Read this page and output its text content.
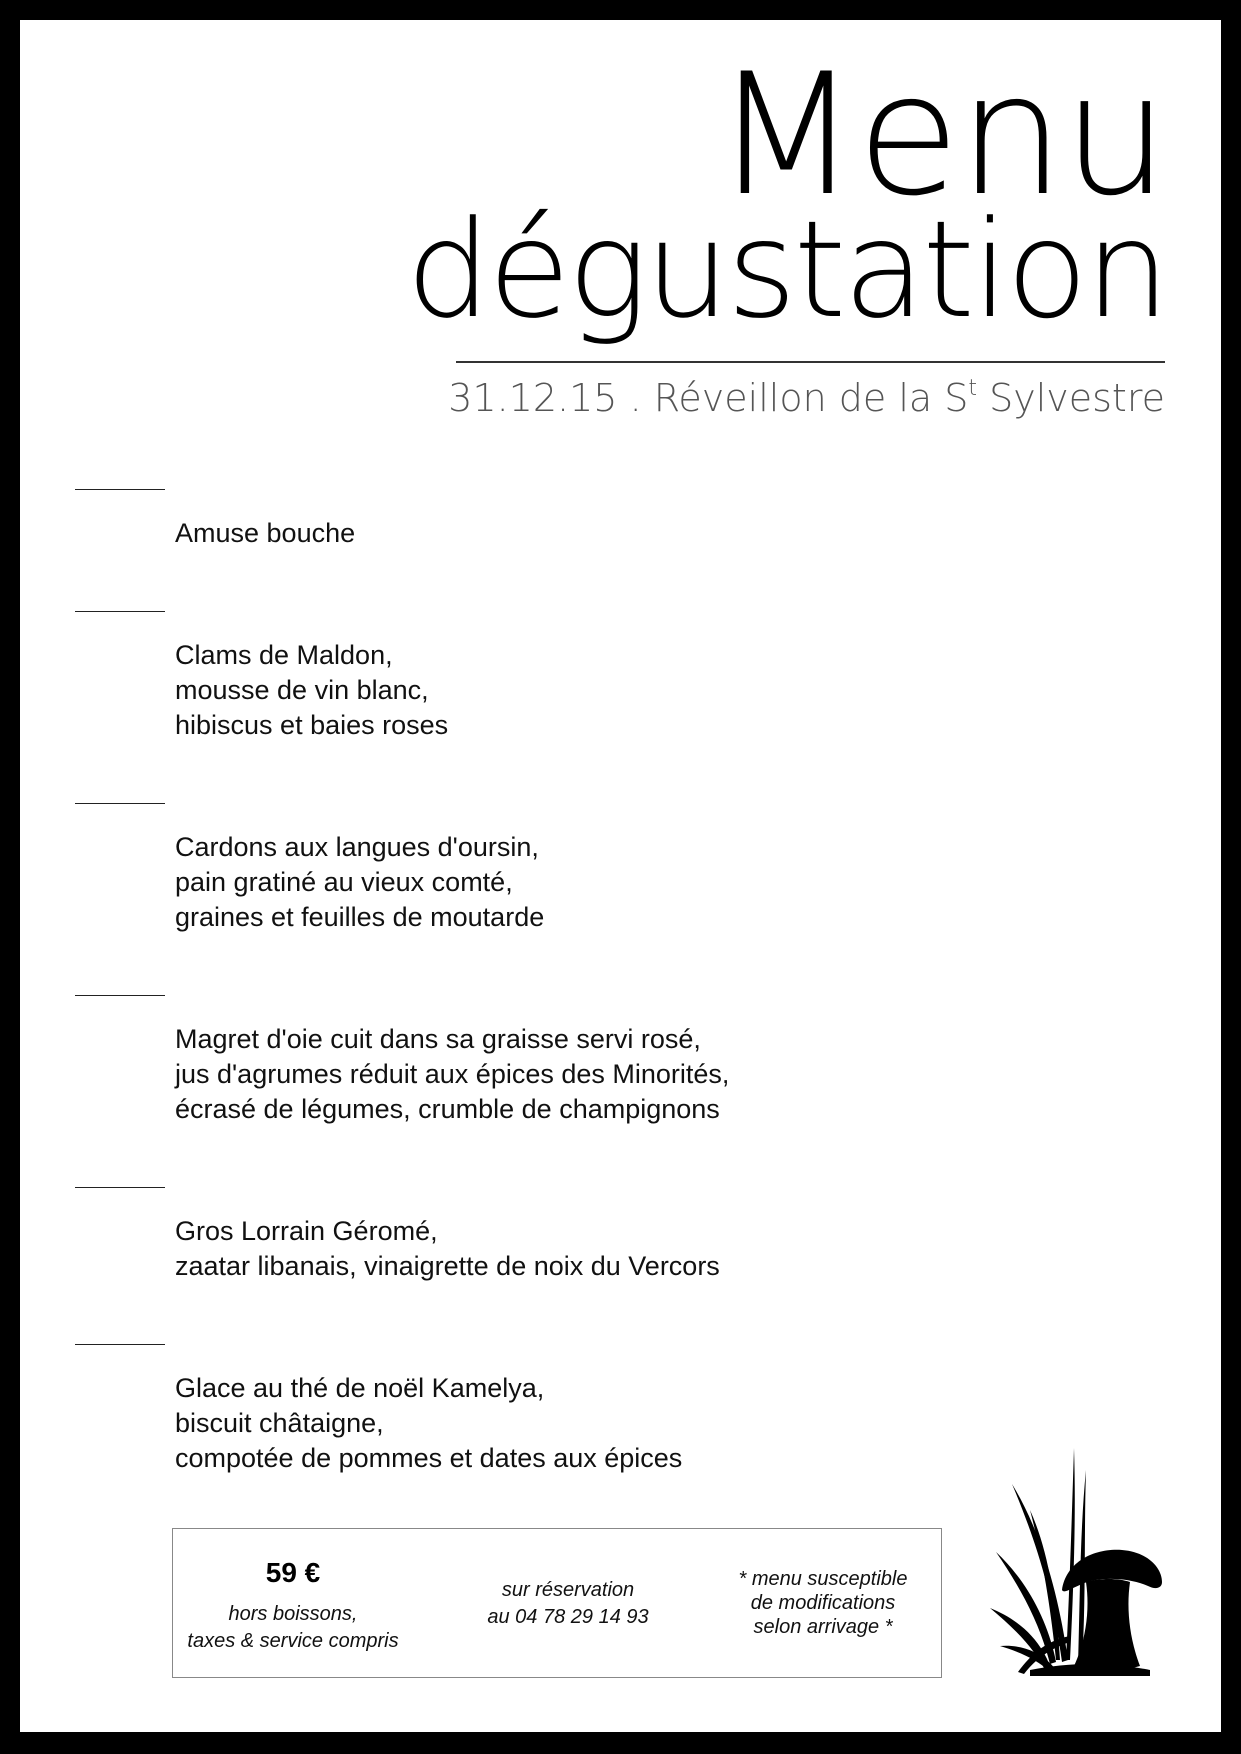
Menu
dégustation
31.12.15 . Réveillon de la $S^t$ Sylvestre
Amuse bouche
Clams de Maldon,
mousse de vin blanc,
hibiscus et baies roses
Cardons aux langues d'oursin,
pain gratiné au vieux comté,
graines et feuilles de moutarde
Magret d'oie cuit dans sa graisse servi rosé,
jus d'agrumes réduit aux épices des Minorités,
écrasé de légumes, crumble de champignons
Gros Lorrain Géromé,
zaatar libanais, vinaigrette de noix du Vercors
Glace au thé de noël Kamelya,
biscuit châtaigne,
compotée de pommes et dates aux épices
59 €
hors boissons,
taxes & service compris
sur réservation
au 04 78 29 14 93
* menu susceptible
de modifications
selon arrivage *
